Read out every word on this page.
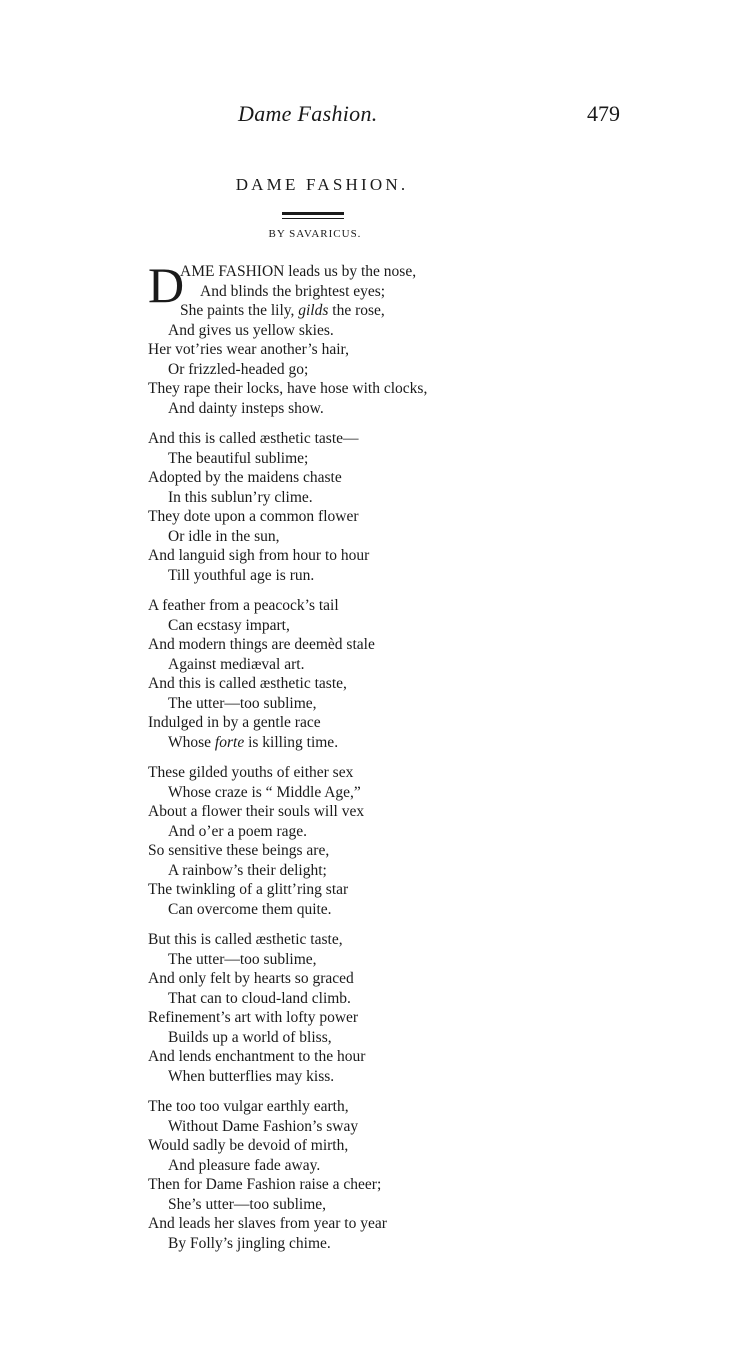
Dame Fashion.	479
DAME FASHION.
BY SAVARICUS.
D
AME FASHION leads us by the nose,
And blinds the brightest eyes;
She paints the lily, gilds the rose,
And gives us yellow skies.
Her vot’ries wear another’s hair,
Or frizzled-headed go;
They rape their locks, have hose with clocks,
And dainty insteps show.
And this is called æsthetic taste—
The beautiful sublime;
Adopted by the maidens chaste
In this sublun’ry clime.
They dote upon a common flower
Or idle in the sun,
And languid sigh from hour to hour
Till youthful age is run.
A feather from a peacock’s tail
Can ecstasy impart,
And modern things are deemèd stale
Against mediæval art.
And this is called æsthetic taste,
The utter—too sublime,
Indulged in by a gentle race
Whose forte is killing time.
These gilded youths of either sex
Whose craze is “ Middle Age,”
About a flower their souls will vex
And o’er a poem rage.
So sensitive these beings are,
A rainbow’s their delight;
The twinkling of a glitt’ring star
Can overcome them quite.
But this is called æsthetic taste,
The utter—too sublime,
And only felt by hearts so graced
That can to cloud-land climb.
Refinement’s art with lofty power
Builds up a world of bliss,
And lends enchantment to the hour
When butterflies may kiss.
The too too vulgar earthly earth,
Without Dame Fashion’s sway
Would sadly be devoid of mirth,
And pleasure fade away.
Then for Dame Fashion raise a cheer;
She’s utter—too sublime,
And leads her slaves from year to year
By Folly’s jingling chime.
